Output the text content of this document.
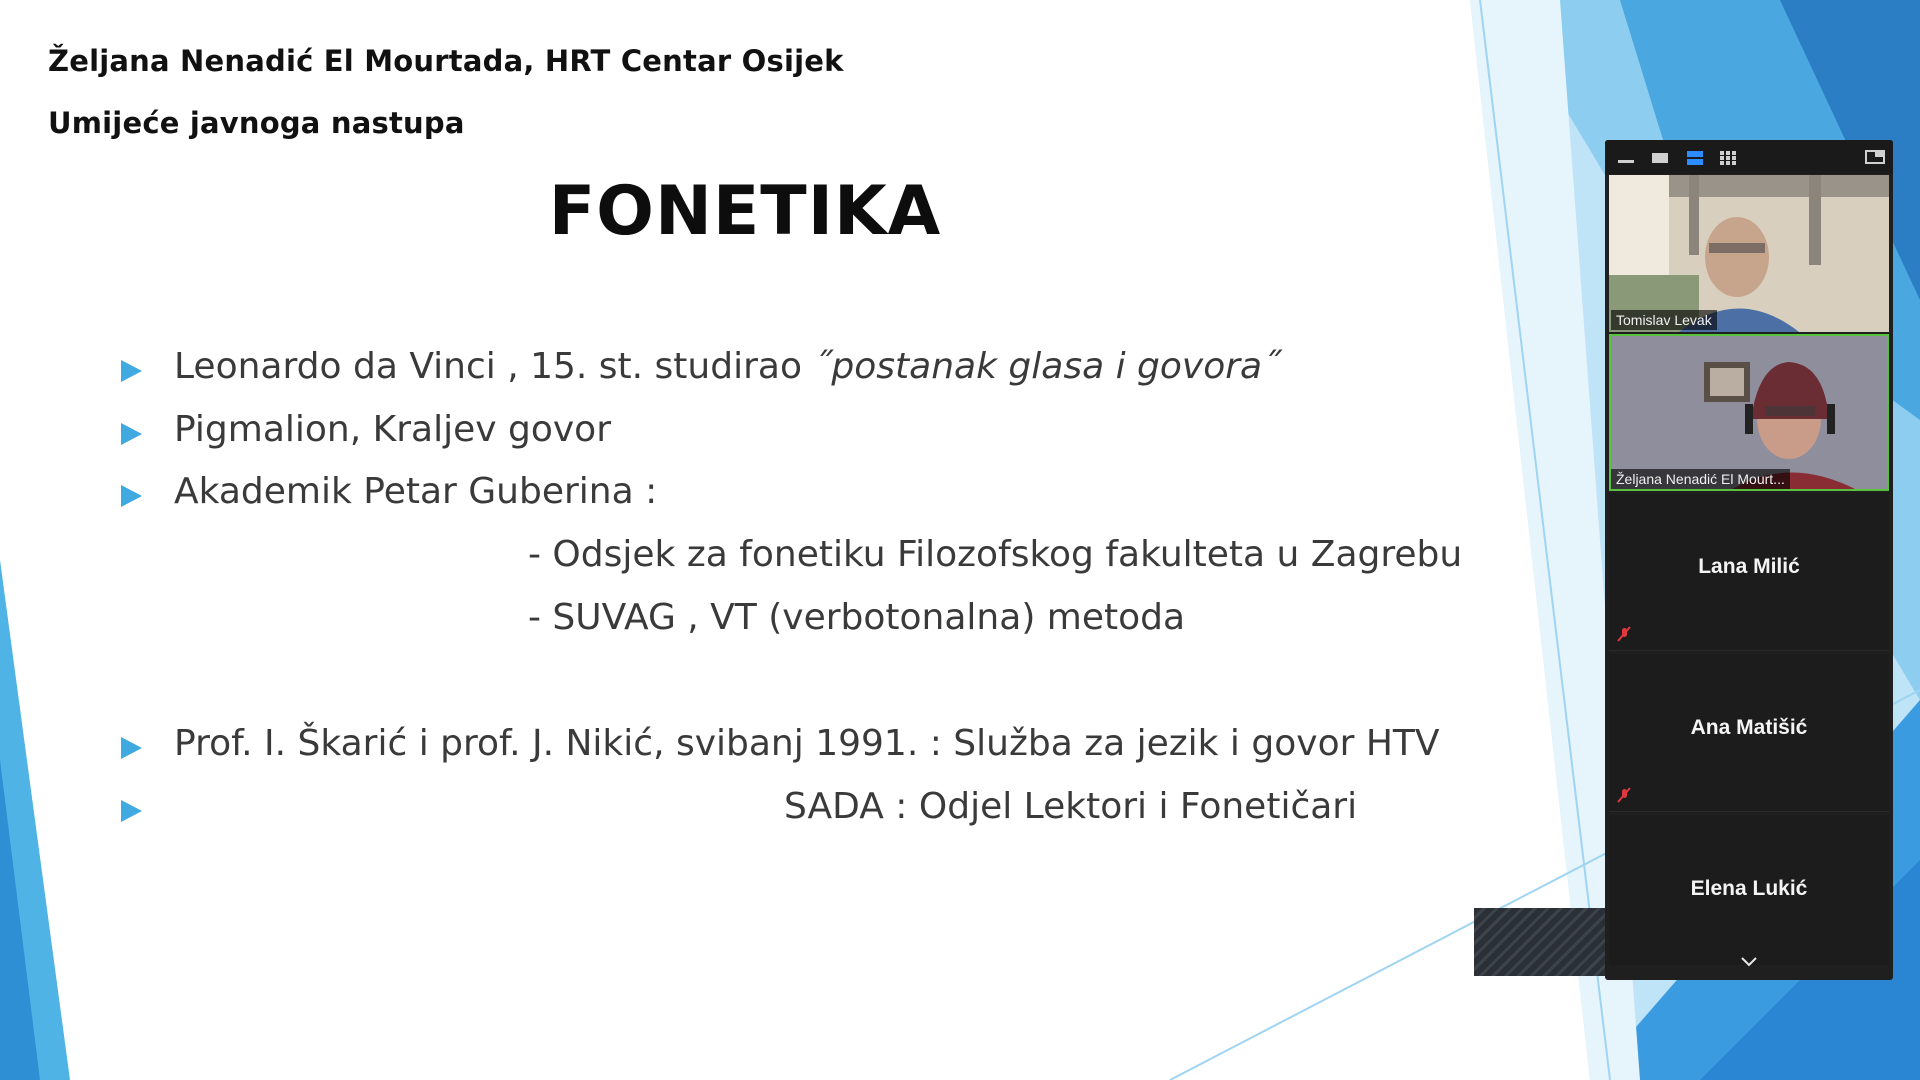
Željana Nenadić El Mourtada, HRT Centar Osijek
Umijeće javnoga nastupa
FONETIKA
Leonardo da Vinci , 15. st. studirao ˝postanak glasa i govora˝
Pigmalion, Kraljev govor
Akademik Petar Guberina :
- Odsjek za fonetiku Filozofskog fakulteta u Zagrebu
- SUVAG , VT (verbotonalna) metoda
Prof. I. Škarić i prof. J. Nikić, svibanj 1991. : Služba za jezik i govor HTV
SADA : Odjel Lektori i Fonetičari
Tomislav Levak
Željana Nenadić El Mourt...
Lana Milić
Ana Matišić
Elena Lukić
